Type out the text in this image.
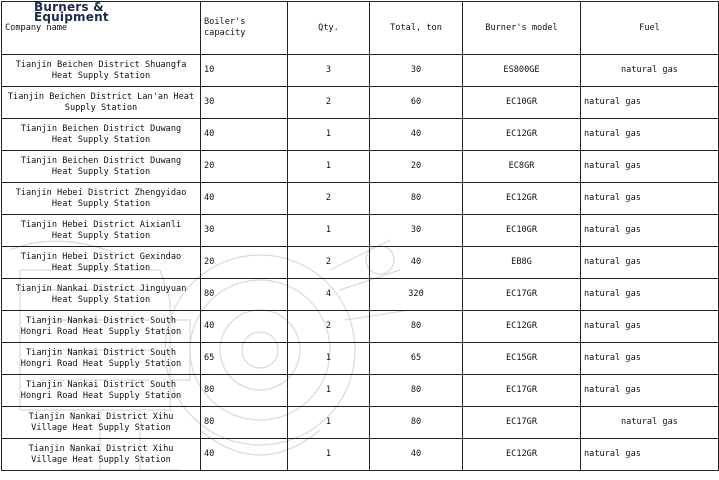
Burners &
Equipment
Company name	Boiler's
capacity	Qty.	Total, ton	Burner's model	Fuel

Tianjin Beichen District Shuangfa
Heat Supply Station	10	3	30	ES800GE	natural gas

Tianjin Beichen District Lan'an Heat
Supply Station	30	2	60	EC10GR	natural gas

Tianjin Beichen District Duwang
Heat Supply Station	40	1	40	EC12GR	natural gas

Tianjin Beichen District Duwang
Heat Supply Station	20	1	20	EC8GR	natural gas

Tianjin Hebei District Zhengyidao
Heat Supply Station	40	2	80	EC12GR	natural gas

Tianjin Hebei District Aixianli
Heat Supply Station	30	1	30	EC10GR	natural gas

Tianjin Hebei District Gexindao
Heat Supply Station	20	2	40	EB8G	natural gas

Tianjin Nankai District Jinguyuan
Heat Supply Station	80	4	320	EC17GR	natural gas

Tianjin Nankai District South
Hongri Road Heat Supply Station	40	2	80	EC12GR	natural gas

Tianjin Nankai District South
Hongri Road Heat Supply Station	65	1	65	EC15GR	natural gas

Tianjin Nankai District South
Hongri Road Heat Supply Station	80	1	80	EC17GR	natural gas

Tianjin Nankai District Xihu
Village Heat Supply Station	80	1	80	EC17GR	natural gas

Tianjin Nankai District Xihu
Village Heat Supply Station	40	1	40	EC12GR	natural gas
